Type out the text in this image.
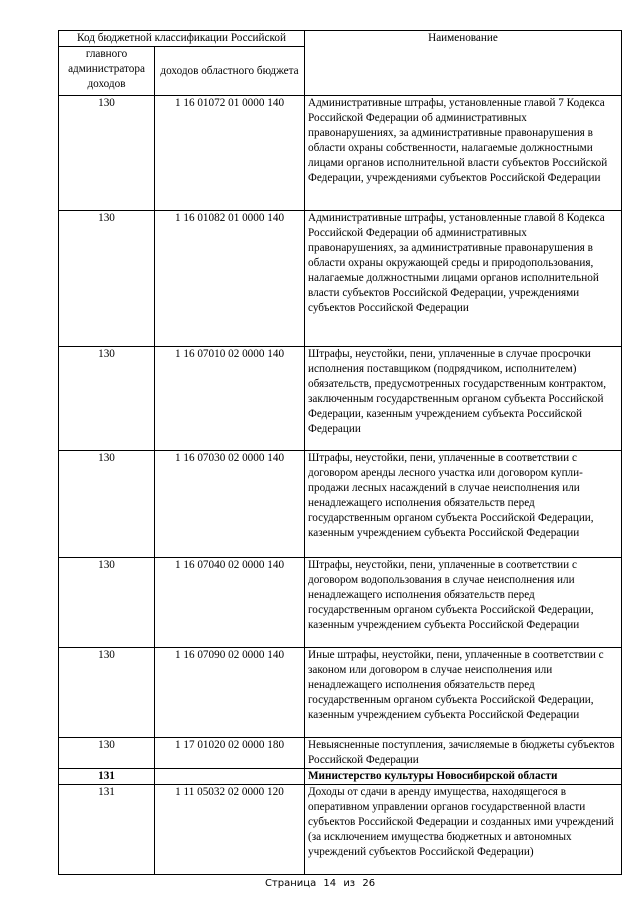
Код бюджетной классификации Российской		Наименование
главного администратора доходов	доходов областного бюджета	
130	1 16 01072 01 0000 140	Административные штрафы, установленные главой 7 Кодекса Российской Федерации об административных правонарушениях, за административные правонарушения в области охраны собственности, налагаемые должностными лицами органов исполнительной власти субъектов Российской Федерации, учреждениями субъектов Российской Федерации
130	1 16 01082 01 0000 140	Административные штрафы, установленные главой 8 Кодекса Российской Федерации об административных правонарушениях, за административные правонарушения в области охраны окружающей среды и природопользования, налагаемые должностными лицами органов исполнительной власти субъектов Российской Федерации, учреждениями субъектов Российской Федерации
130	1 16 07010 02 0000 140	Штрафы, неустойки, пени, уплаченные в случае просрочки исполнения поставщиком (подрядчиком, исполнителем) обязательств, предусмотренных государственным контрактом, заключенным государственным органом субъекта Российской Федерации, казенным учреждением субъекта Российской Федерации
130	1 16 07030 02 0000 140	Штрафы, неустойки, пени, уплаченные в соответствии с договором аренды лесного участка или договором купли-продажи лесных насаждений в случае неисполнения или ненадлежащего исполнения обязательств перед государственным органом субъекта Российской Федерации, казенным учреждением субъекта Российской Федерации
130	1 16 07040 02 0000 140	Штрафы, неустойки, пени, уплаченные в соответствии с договором водопользования в случае неисполнения или ненадлежащего исполнения обязательств перед государственным органом субъекта Российской Федерации, казенным учреждением субъекта Российской Федерации
130	1 16 07090 02 0000 140	Иные штрафы, неустойки, пени, уплаченные в соответствии с законом или договором в случае неисполнения или ненадлежащего исполнения обязательств перед государственным органом субъекта Российской Федерации, казенным учреждением субъекта Российской Федерации
130	1 17 01020 02 0000 180	Невыясненные поступления, зачисляемые в бюджеты субъектов Российской Федерации
131		Министерство культуры Новосибирской области
131	1 11 05032 02 0000 120	Доходы от сдачи в аренду имущества, находящегося в оперативном управлении органов государственной власти субъектов Российской Федерации и созданных ими учреждений (за исключением имущества бюджетных и автономных учреждений субъектов Российской Федерации)
Страница 14 из 26
